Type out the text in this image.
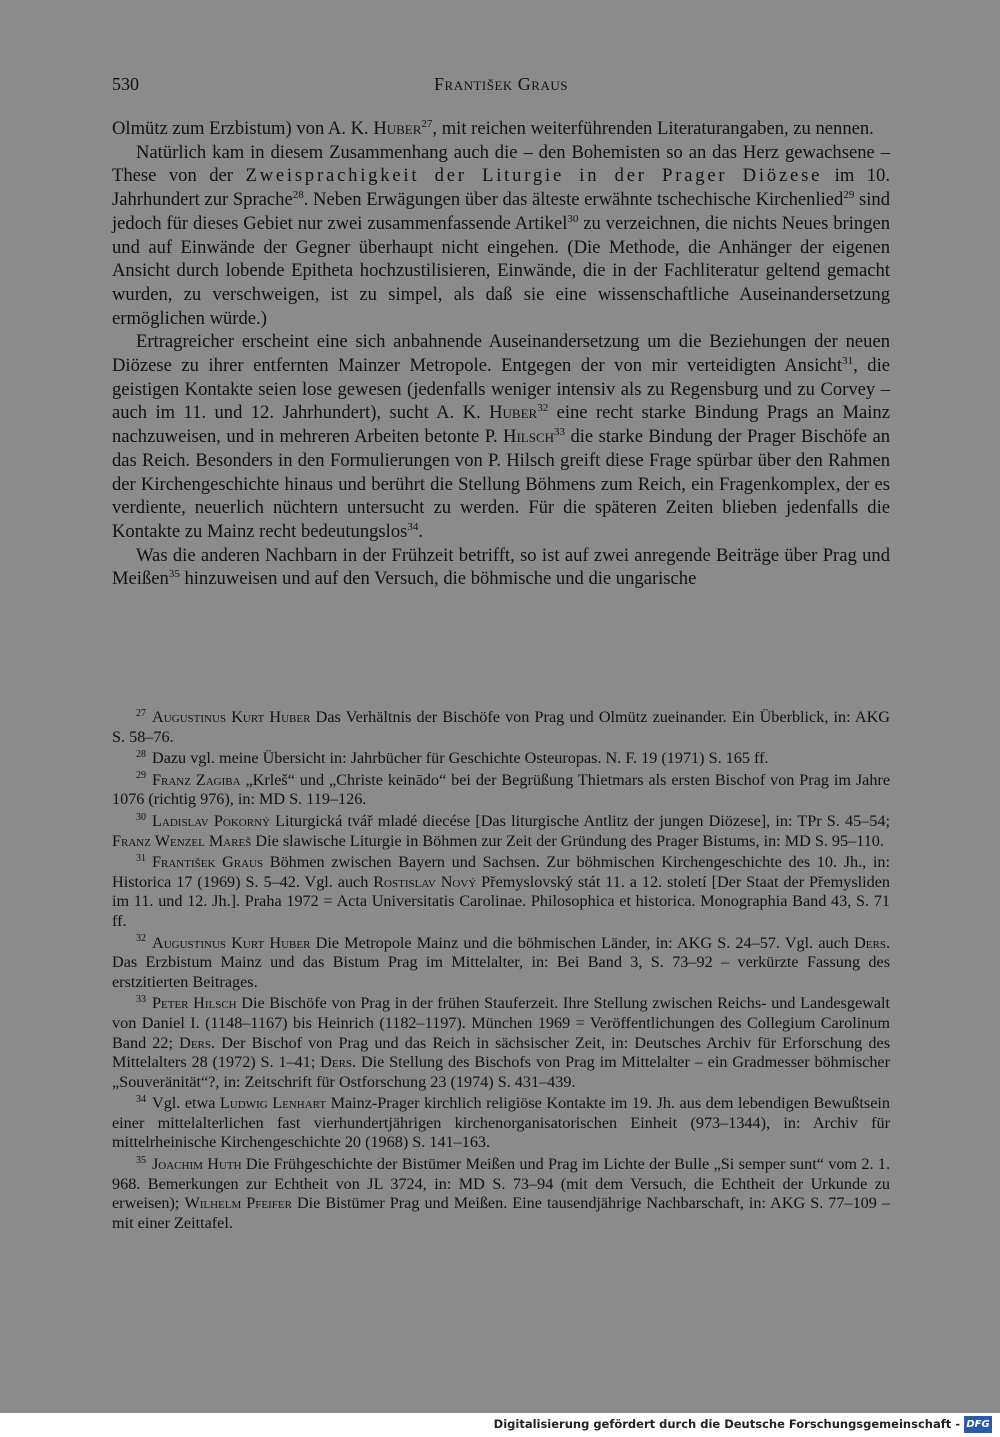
530	František Graus

Olmütz zum Erzbistum) von A. K. Huber$^{27}$, mit reichen weiterführenden Literaturangaben, zu nennen.

Natürlich kam in diesem Zusammenhang auch die – den Bohemisten so an das Herz gewachsene – These von der Zweisprachigkeit der Liturgie in der Prager Diözese im 10. Jahrhundert zur Sprache$^{28}$. Neben Erwägungen über das älteste erwähnte tschechische Kirchenlied$^{29}$ sind jedoch für dieses Gebiet nur zwei zusammenfassende Artikel$^{30}$ zu verzeichnen, die nichts Neues bringen und auf Einwände der Gegner überhaupt nicht eingehen. (Die Methode, die Anhänger der eigenen Ansicht durch lobende Epitheta hochzustilisieren, Einwände, die in der Fachliteratur geltend gemacht wurden, zu verschweigen, ist zu simpel, als daß sie eine wissenschaftliche Auseinandersetzung ermöglichen würde.)

Ertragreicher erscheint eine sich anbahnende Auseinandersetzung um die Beziehungen der neuen Diözese zu ihrer entfernten Mainzer Metropole. Entgegen der von mir verteidigten Ansicht$^{31}$, die geistigen Kontakte seien lose gewesen (jedenfalls weniger intensiv als zu Regensburg und zu Corvey – auch im 11. und 12. Jahrhundert), sucht A. K. Huber$^{32}$ eine recht starke Bindung Prags an Mainz nachzuweisen, und in mehreren Arbeiten betonte P. Hilsch$^{33}$ die starke Bindung der Prager Bischöfe an das Reich. Besonders in den Formulierungen von P. Hilsch greift diese Frage spürbar über den Rahmen der Kirchengeschichte hinaus und berührt die Stellung Böhmens zum Reich, ein Fragenkomplex, der es verdiente, neuerlich nüchtern untersucht zu werden. Für die späteren Zeiten blieben jedenfalls die Kontakte zu Mainz recht bedeutungslos$^{34}$.

Was die anderen Nachbarn in der Frühzeit betrifft, so ist auf zwei anregende Beiträge über Prag und Meißen$^{35}$ hinzuweisen und auf den Versuch, die böhmische und die ungarische

$^{27}$ Augustinus Kurt Huber Das Verhältnis der Bischöfe von Prag und Olmütz zueinander. Ein Überblick, in: AKG S. 58–76.

$^{28}$ Dazu vgl. meine Übersicht in: Jahrbücher für Geschichte Osteuropas. N. F. 19 (1971) S. 165 ff.

$^{29}$ Franz Zagiba „Krleš“ und „Christe keinādo“ bei der Begrüßung Thietmars als ersten Bischof von Prag im Jahre 1076 (richtig 976), in: MD S. 119–126.

$^{30}$ Ladislav Pokorný Liturgická tvář mladé diecése [Das liturgische Antlitz der jungen Diözese], in: TPr S. 45–54; Franz Wenzel Mareš Die slawische Liturgie in Böhmen zur Zeit der Gründung des Prager Bistums, in: MD S. 95–110.

$^{31}$ František Graus Böhmen zwischen Bayern und Sachsen. Zur böhmischen Kirchengeschichte des 10. Jh., in: Historica 17 (1969) S. 5–42. Vgl. auch Rostislav Nový Přemyslovský stát 11. a 12. století [Der Staat der Přemysliden im 11. und 12. Jh.]. Praha 1972 = Acta Universitatis Carolinae. Philosophica et historica. Monographia Band 43, S. 71 ff.

$^{32}$ Augustinus Kurt Huber Die Metropole Mainz und die böhmischen Länder, in: AKG S. 24–57. Vgl. auch Ders. Das Erzbistum Mainz und das Bistum Prag im Mittelalter, in: Bei Band 3, S. 73–92 – verkürzte Fassung des erstzitierten Beitrages.

$^{33}$ Peter Hilsch Die Bischöfe von Prag in der frühen Stauferzeit. Ihre Stellung zwischen Reichs- und Landesgewalt von Daniel I. (1148–1167) bis Heinrich (1182–1197). München 1969 = Veröffentlichungen des Collegium Carolinum Band 22; Ders. Der Bischof von Prag und das Reich in sächsischer Zeit, in: Deutsches Archiv für Erforschung des Mittelalters 28 (1972) S. 1–41; Ders. Die Stellung des Bischofs von Prag im Mittelalter – ein Gradmesser böhmischer „Souveränität“?, in: Zeitschrift für Ostforschung 23 (1974) S. 431–439.

$^{34}$ Vgl. etwa Ludwig Lenhart Mainz-Prager kirchlich religiöse Kontakte im 19. Jh. aus dem lebendigen Bewußtsein einer mittelalterlichen fast vierhundertjährigen kirchenorganisatorischen Einheit (973–1344), in: Archiv für mittelrheinische Kirchengeschichte 20 (1968) S. 141–163.

$^{35}$ Joachim Huth Die Frühgeschichte der Bistümer Meißen und Prag im Lichte der Bulle „Si semper sunt“ vom 2. 1. 968. Bemerkungen zur Echtheit von JL 3724, in: MD S. 73–94 (mit dem Versuch, die Echtheit der Urkunde zu erweisen); Wilhelm Pfeifer Die Bistümer Prag und Meißen. Eine tausendjährige Nachbarschaft, in: AKG S. 77–109 – mit einer Zeittafel.

Digitalisierung gefördert durch die Deutsche Forschungsgemeinschaft - DFG
